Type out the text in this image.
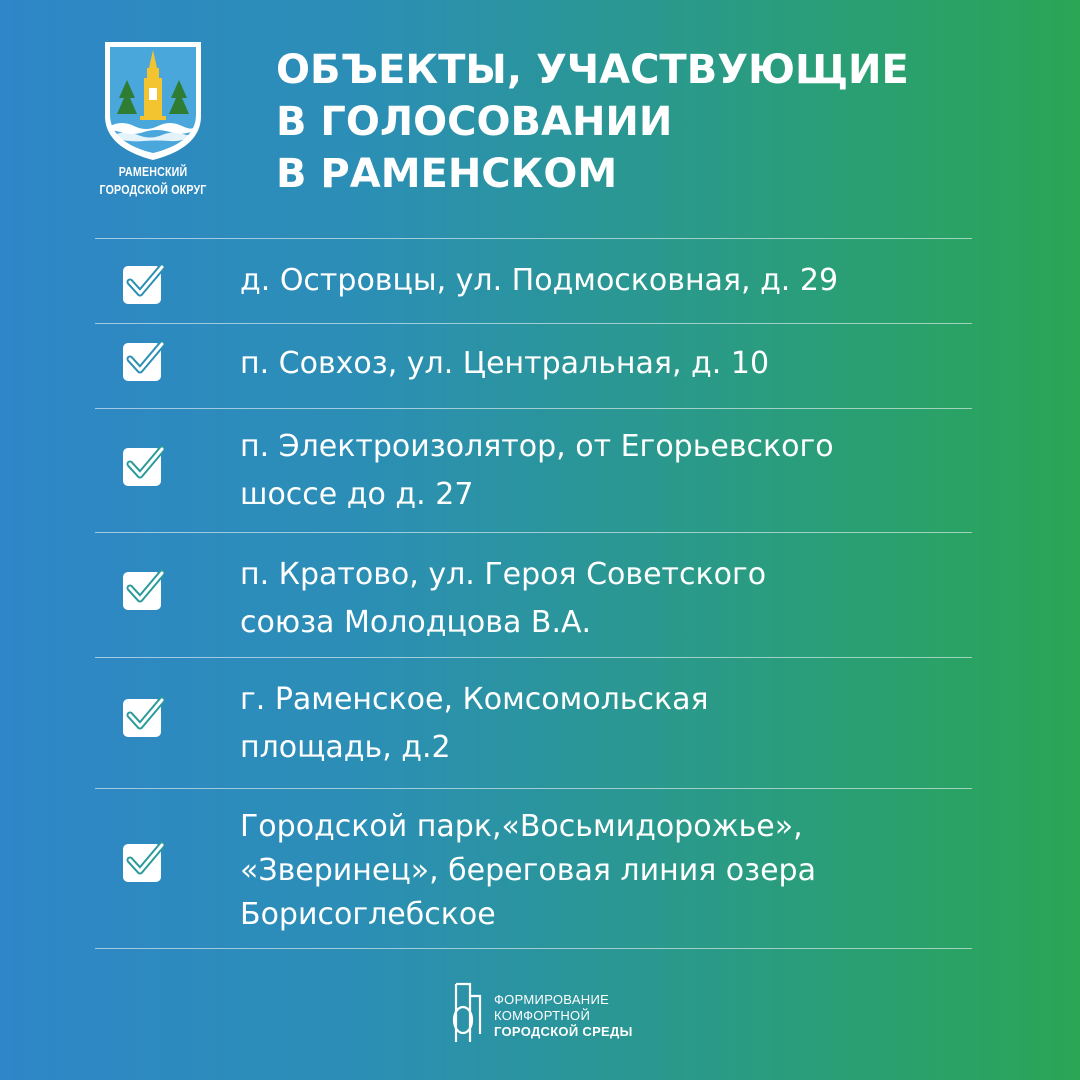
РАМЕНСКИЙ
ГОРОДСКОЙ ОКРУГ
ОБЪЕКТЫ, УЧАСТВУЮЩИЕ
В ГОЛОСОВАНИИ
В РАМЕНСКОМ
д. Островцы, ул. Подмосковная, д. 29
п. Совхоз, ул. Центральная, д. 10
п. Электроизолятор, от Егорьевского
шоссе до д. 27
п. Кратово, ул. Героя Советского
союза Молодцова В.А.
г. Раменское, Комсомольская
площадь, д.2
Городской парк,«Восьмидорожье»,
«Зверинец», береговая линия озера
Борисоглебское
ФОРМИРОВАНИЕ
КОМФОРТНОЙ
ГОРОДСКОЙ СРЕДЫ
